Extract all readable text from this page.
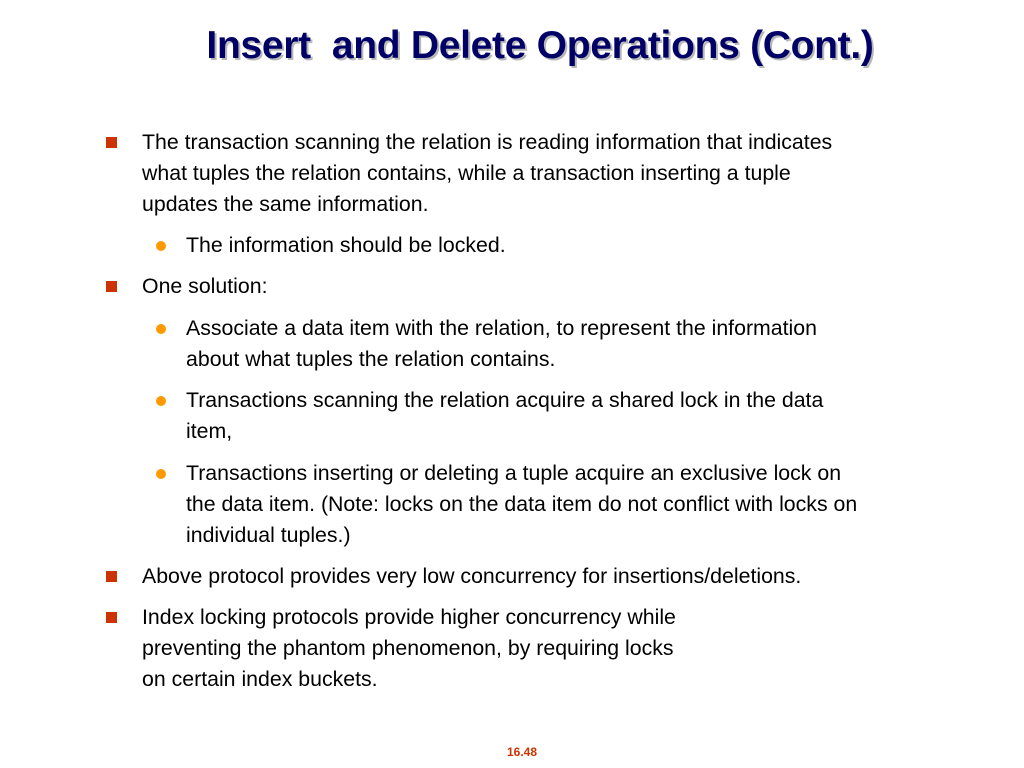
Insert  and Delete Operations (Cont.)
The transaction scanning the relation is reading information that indicates
what tuples the relation contains, while a transaction inserting a tuple
updates the same information.
The information should be locked.
One solution:
Associate a data item with the relation, to represent the information
about what tuples the relation contains.
Transactions scanning the relation acquire a shared lock in the data
item,
Transactions inserting or deleting a tuple acquire an exclusive lock on
the data item. (Note: locks on the data item do not conflict with locks on
individual tuples.)
Above protocol provides very low concurrency for insertions/deletions.
Index locking protocols provide higher concurrency while
preventing the phantom phenomenon, by requiring locks
on certain index buckets.
16.48
